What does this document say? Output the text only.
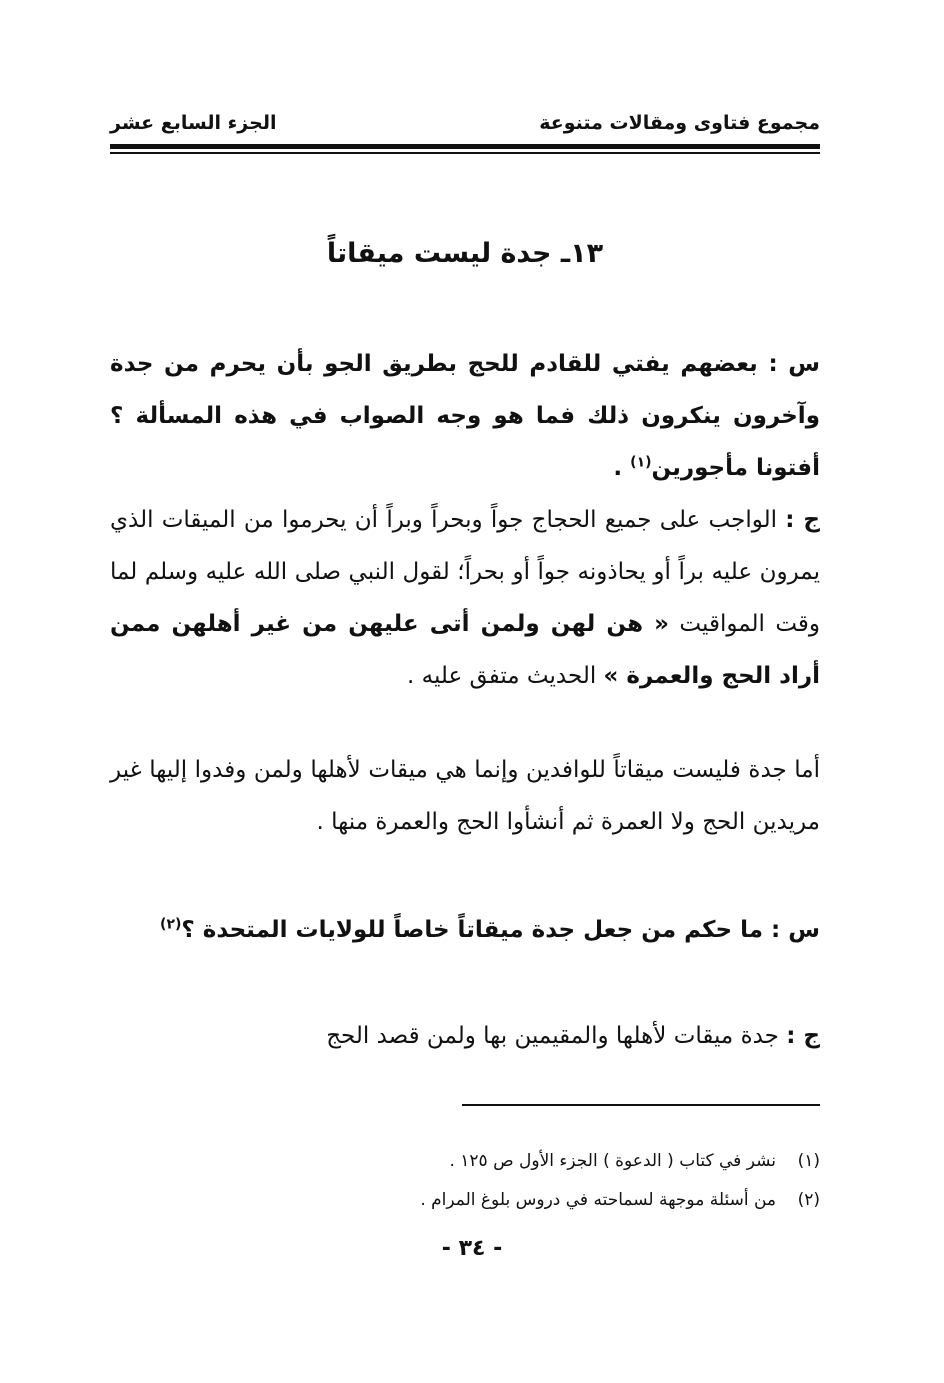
مجموع فتاوى ومقالات متنوعة
الجزء السابع عشر
١٣ـ جدة ليست ميقاتاً
س : بعضهم يفتي للقادم للحج بطريق الجو بأن يحرم من جدة وآخرون ينكرون ذلك فما هو وجه الصواب في هذه المسألة ؟ أفتونا مأجورين$^{(١)}$ .
ج : الواجب على جميع الحجاج جواً وبحراً وبراً أن يحرموا من الميقات الذي يمرون عليه براً أو يحاذونه جواً أو بحراً؛ لقول النبي صلى الله عليه وسلم لما وقت المواقيت « هن لهن ولمن أتى عليهن من غير أهلهن ممن أراد الحج والعمرة » الحديث متفق عليه .
أما جدة فليست ميقاتاً للوافدين وإنما هي ميقات لأهلها ولمن وفدوا إليها غير مريدين الحج ولا العمرة ثم أنشأوا الحج والعمرة منها .
س : ما حكم من جعل جدة ميقاتاً خاصاً للولايات المتحدة ؟$^{(٢)}$
ج : جدة ميقات لأهلها والمقيمين بها ولمن قصد الحج
(١)نشر في كتاب ( الدعوة ) الجزء الأول ص ١٢٥ .
(٢)من أسئلة موجهة لسماحته في دروس بلوغ المرام .
- ٣٤ -
